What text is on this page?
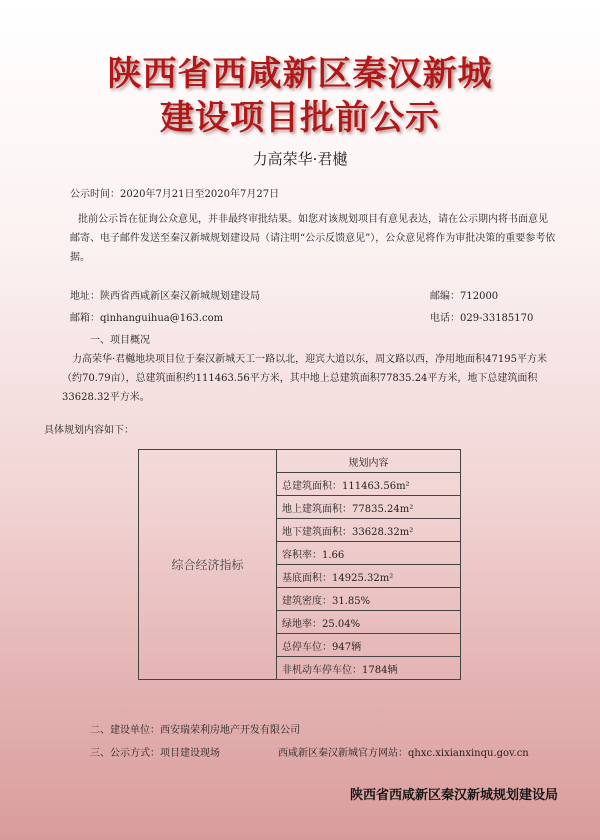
陕西省西咸新区秦汉新城
建设项目批前公示
力高荣华·君樾
公示时间：2020年7月21日至2020年7月27日
批前公示旨在征询公众意见，并非最终审批结果。如您对该规划项目有意见表达，请在公示期内将书面意见邮寄、电子邮件发送至秦汉新城规划建设局（请注明“公示反馈意见”），公众意见将作为审批决策的重要参考依据。
地址：陕西省西咸新区秦汉新城规划建设局	邮编：712000
邮箱：qinhanguihua@163.com	电话：029-33185170
一、项目概况
力高荣华·君樾地块项目位于秦汉新城天工一路以北，迎宾大道以东，周文路以西，净用地面积47195平方米（约70.79亩），总建筑面积约111463.56平方米，其中地上总建筑面积77835.24平方米，地下总建筑面积33628.32平方米。
具体规划内容如下：
综合经济指标	规划内容
总建筑面积：111463.56m²
地上建筑面积：77835.24m²
地下建筑面积：33628.32m²
容积率：1.66
基底面积：14925.32m²
建筑密度：31.85%
绿地率：25.04%
总停车位：947辆
非机动车停车位：1784辆
二、建设单位：西安瑞荣利房地产开发有限公司
三、公示方式：项目建设现场	西咸新区秦汉新城官方网站：qhxc.xixianxinqu.gov.cn
陕西省西咸新区秦汉新城规划建设局
